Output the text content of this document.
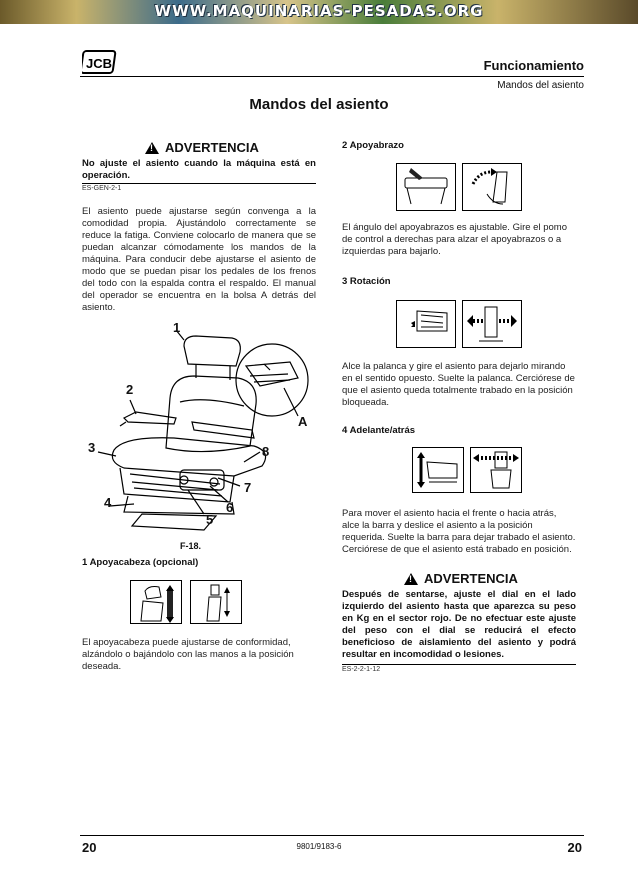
WWW.MAQUINARIAS-PESADAS.ORG
JCB	Funcionamiento
Mandos del asiento
Mandos del asiento
!
ADVERTENCIA
No ajuste el asiento cuando la máquina está en operación.
ES-GEN-2-1
El asiento puede ajustarse según convenga a la comodidad propia. Ajustándolo correctamente se reduce la fatiga. Conviene colocarlo de manera que se puedan alcanzar cómodamente los mandos de la máquina. Para conducir debe ajustarse el asiento de modo que se puedan pisar los pedales de los frenos del todo con la espalda contra el respaldo. El manual del operador se encuentra en la bolsa A detrás del asiento.
1
2
3
4
5
6
7
8
A
F-18.
1 Apoyacabeza (opcional)
El apoyacabeza puede ajustarse de conformidad, alzándolo o bajándolo con las manos a la posición deseada.
2 Apoyabrazo
El ángulo del apoyabrazos es ajustable. Gire el pomo de control a derechas para alzar el apoyabrazos o a izquierdas para bajarlo.
3 Rotación
Alce la palanca y gire el asiento para dejarlo mirando en el sentido opuesto. Suelte la palanca. Cerciórese de que el asiento queda totalmente trabado en la posición bloqueada.
4 Adelante/atrás
Para mover el asiento hacia el frente o hacia atrás, alce la barra y deslice el asiento a la posición requerida. Suelte la barra para dejar trabado el asiento. Cerciórese de que el asiento está trabado en posición.
!
ADVERTENCIA
Después de sentarse, ajuste el dial en el lado izquierdo del asiento hasta que aparezca su peso en Kg en el sector rojo. De no efectuar este ajuste del peso con el dial se reducirá el efecto beneficioso de aislamiento del asiento y podrá resultar en incomodidad o lesiones.
ES-2-2-1-12
20	9801/9183-6	20
